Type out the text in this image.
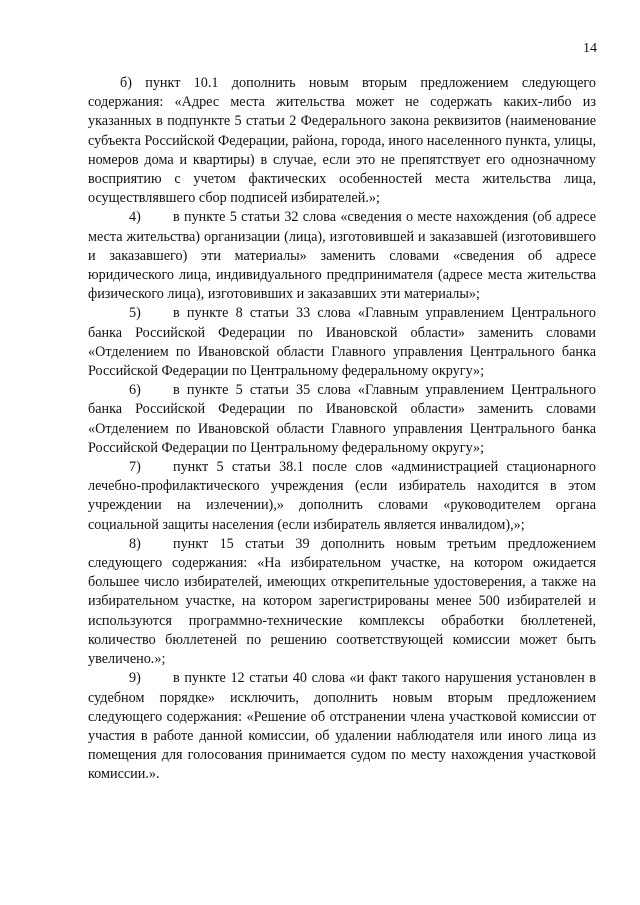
14

б) пункт 10.1 дополнить новым вторым предложением следующего содержания: «Адрес места жительства может не содержать каких-либо из указанных в подпункте 5 статьи 2 Федерального закона реквизитов (наименование субъекта Российской Федерации, района, города, иного населенного пункта, улицы, номеров дома и квартиры) в случае, если это не препятствует его однозначному восприятию с учетом фактических особенностей места жительства лица, осуществлявшего сбор подписей избирателей.»;

4) в пункте 5 статьи 32 слова «сведения о месте нахождения (об адресе места жительства) организации (лица), изготовившей и заказавшей (изготовившего и заказавшего) эти материалы» заменить словами «сведения об адресе юридического лица, индивидуального предпринимателя (адресе места жительства физического лица), изготовивших и заказавших эти материалы»;

5) в пункте 8 статьи 33 слова «Главным управлением Центрального банка Российской Федерации по Ивановской области» заменить словами «Отделением по Ивановской области Главного управления Центрального банка Российской Федерации по Центральному федеральному округу»;

6) в пункте 5 статьи 35 слова «Главным управлением Центрального банка Российской Федерации по Ивановской области» заменить словами «Отделением по Ивановской области Главного управления Центрального банка Российской Федерации по Центральному федеральному округу»;

7) пункт 5 статьи 38.1 после слов «администрацией стационарного лечебно-профилактического учреждения (если избиратель находится в этом учреждении на излечении),» дополнить словами «руководителем органа социальной защиты населения (если избиратель является инвалидом),»;

8) пункт 15 статьи 39 дополнить новым третьим предложением следующего содержания: «На избирательном участке, на котором ожидается большее число избирателей, имеющих открепительные удостоверения, а также на избирательном участке, на котором зарегистрированы менее 500 избирателей и используются программно-технические комплексы обработки бюллетеней, количество бюллетеней по решению соответствующей комиссии может быть увеличено.»;

9) в пункте 12 статьи 40 слова «и факт такого нарушения установлен в судебном порядке» исключить, дополнить новым вторым предложением следующего содержания: «Решение об отстранении члена участковой комиссии от участия в работе данной комиссии, об удалении наблюдателя или иного лица из помещения для голосования принимается судом по месту нахождения участковой комиссии.».
